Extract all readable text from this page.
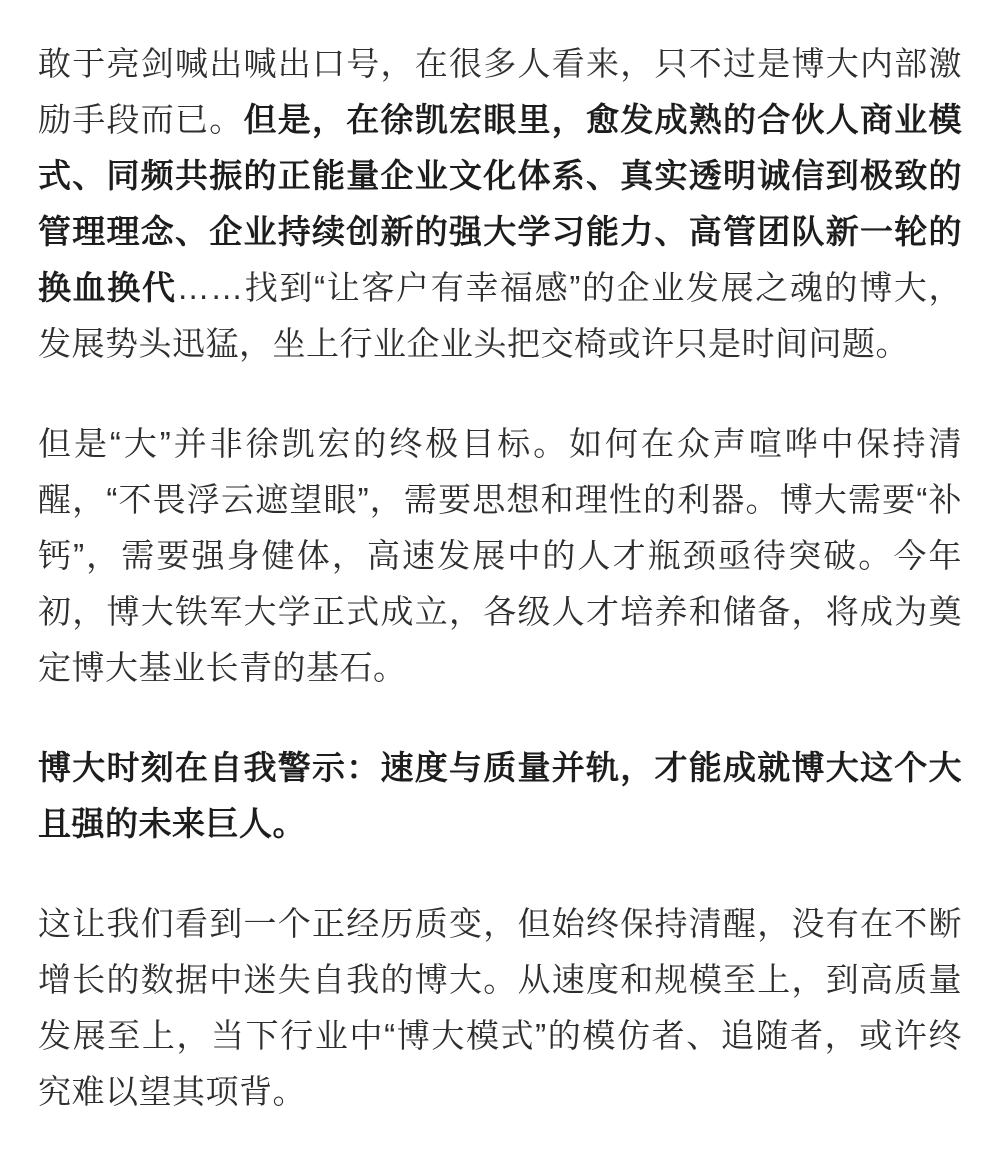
敢于亮剑喊出喊出口号，在很多人看来，只不过是博大内部激励手段而已。但是，在徐凯宏眼里，愈发成熟的合伙人商业模式、同频共振的正能量企业文化体系、真实透明诚信到极致的管理理念、企业持续创新的强大学习能力、高管团队新一轮的换血换代……找到“让客户有幸福感”的企业发展之魂的博大，发展势头迅猛，坐上行业企业头把交椅或许只是时间问题。

但是“大”并非徐凯宏的终极目标。如何在众声喧哗中保持清醒，“不畏浮云遮望眼”，需要思想和理性的利器。博大需要“补钙”，需要强身健体，高速发展中的人才瓶颈亟待突破。今年初，博大铁军大学正式成立，各级人才培养和储备，将成为奠定博大基业长青的基石。

博大时刻在自我警示：速度与质量并轨，才能成就博大这个大且强的未来巨人。

这让我们看到一个正经历质变，但始终保持清醒，没有在不断增长的数据中迷失自我的博大。从速度和规模至上，到高质量发展至上，当下行业中“博大模式”的模仿者、追随者，或许终究难以望其项背。
